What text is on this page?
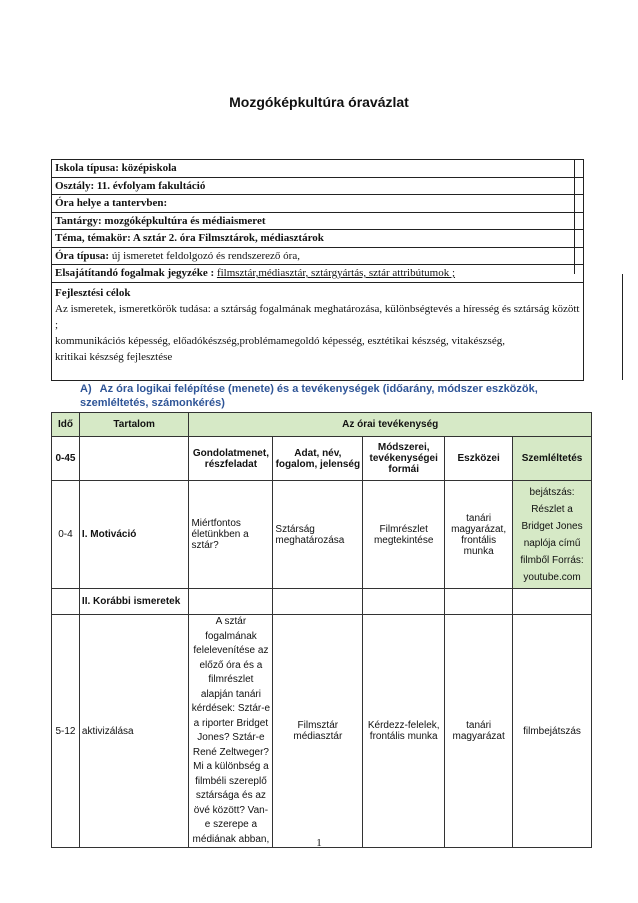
Mozgóképkultúra óravázlat
Iskola típusa: középiskola
Osztály: 11. évfolyam fakultáció
Óra helye a tantervben:
Tantárgy: mozgóképkultúra és médiaismeret
Téma, témakör: A sztár 2. óra Filmsztárok, médiasztárok
Óra típusa: új ismeretet feldolgozó és rendszerező óra,
Elsajátítandó fogalmak jegyzéke : filmsztár,médiasztár, sztárgyártás, sztár attribútumok ;
Fejlesztési célok

Az ismeretek, ismeretkörök tudása: a sztárság fogalmának meghatározása, különbségtevés a híresség és sztárság között ;

kommunikációs képesség, előadókészség,problémamegoldó képesség, esztétikai készség, vitakészség,

kritikai készség fejlesztése

A) Az óra logikai felépítése (menete) és a tevékenységek (időarány, módszer eszközök, szemléltetés, számonkérés)
Idő	Tartalom	Az órai tevékenység				
0-45		Gondolatmenet, részfeladat	Adat, név, fogalom, jelenség	Módszerei, tevékenységei formái	Eszközei	Szemléltetés
0-4	I. Motiváció	Miértfontos életünkben a sztár?	Sztárság meghatározása	Filmrészlet megtekintése	tanári magyarázat, frontális munka	bejátszás: Részlet a Bridget Jones naplója című filmből Forrás: youtube.com
	II. Korábbi ismeretek					
5-12	aktivizálása	A sztár fogalmának felelevenítése az előző óra és a filmrészlet alapján tanári kérdések: Sztár-e a riporter Bridget Jones? Sztár-e René Zeltweger? Mi a különbség a filmbéli szereplő sztársága és az övé között? Van-e szerepe a médiának abban,	Filmsztár médiasztár	Kérdezz-felelek, frontális munka	tanári magyarázat	filmbejátszás
1
